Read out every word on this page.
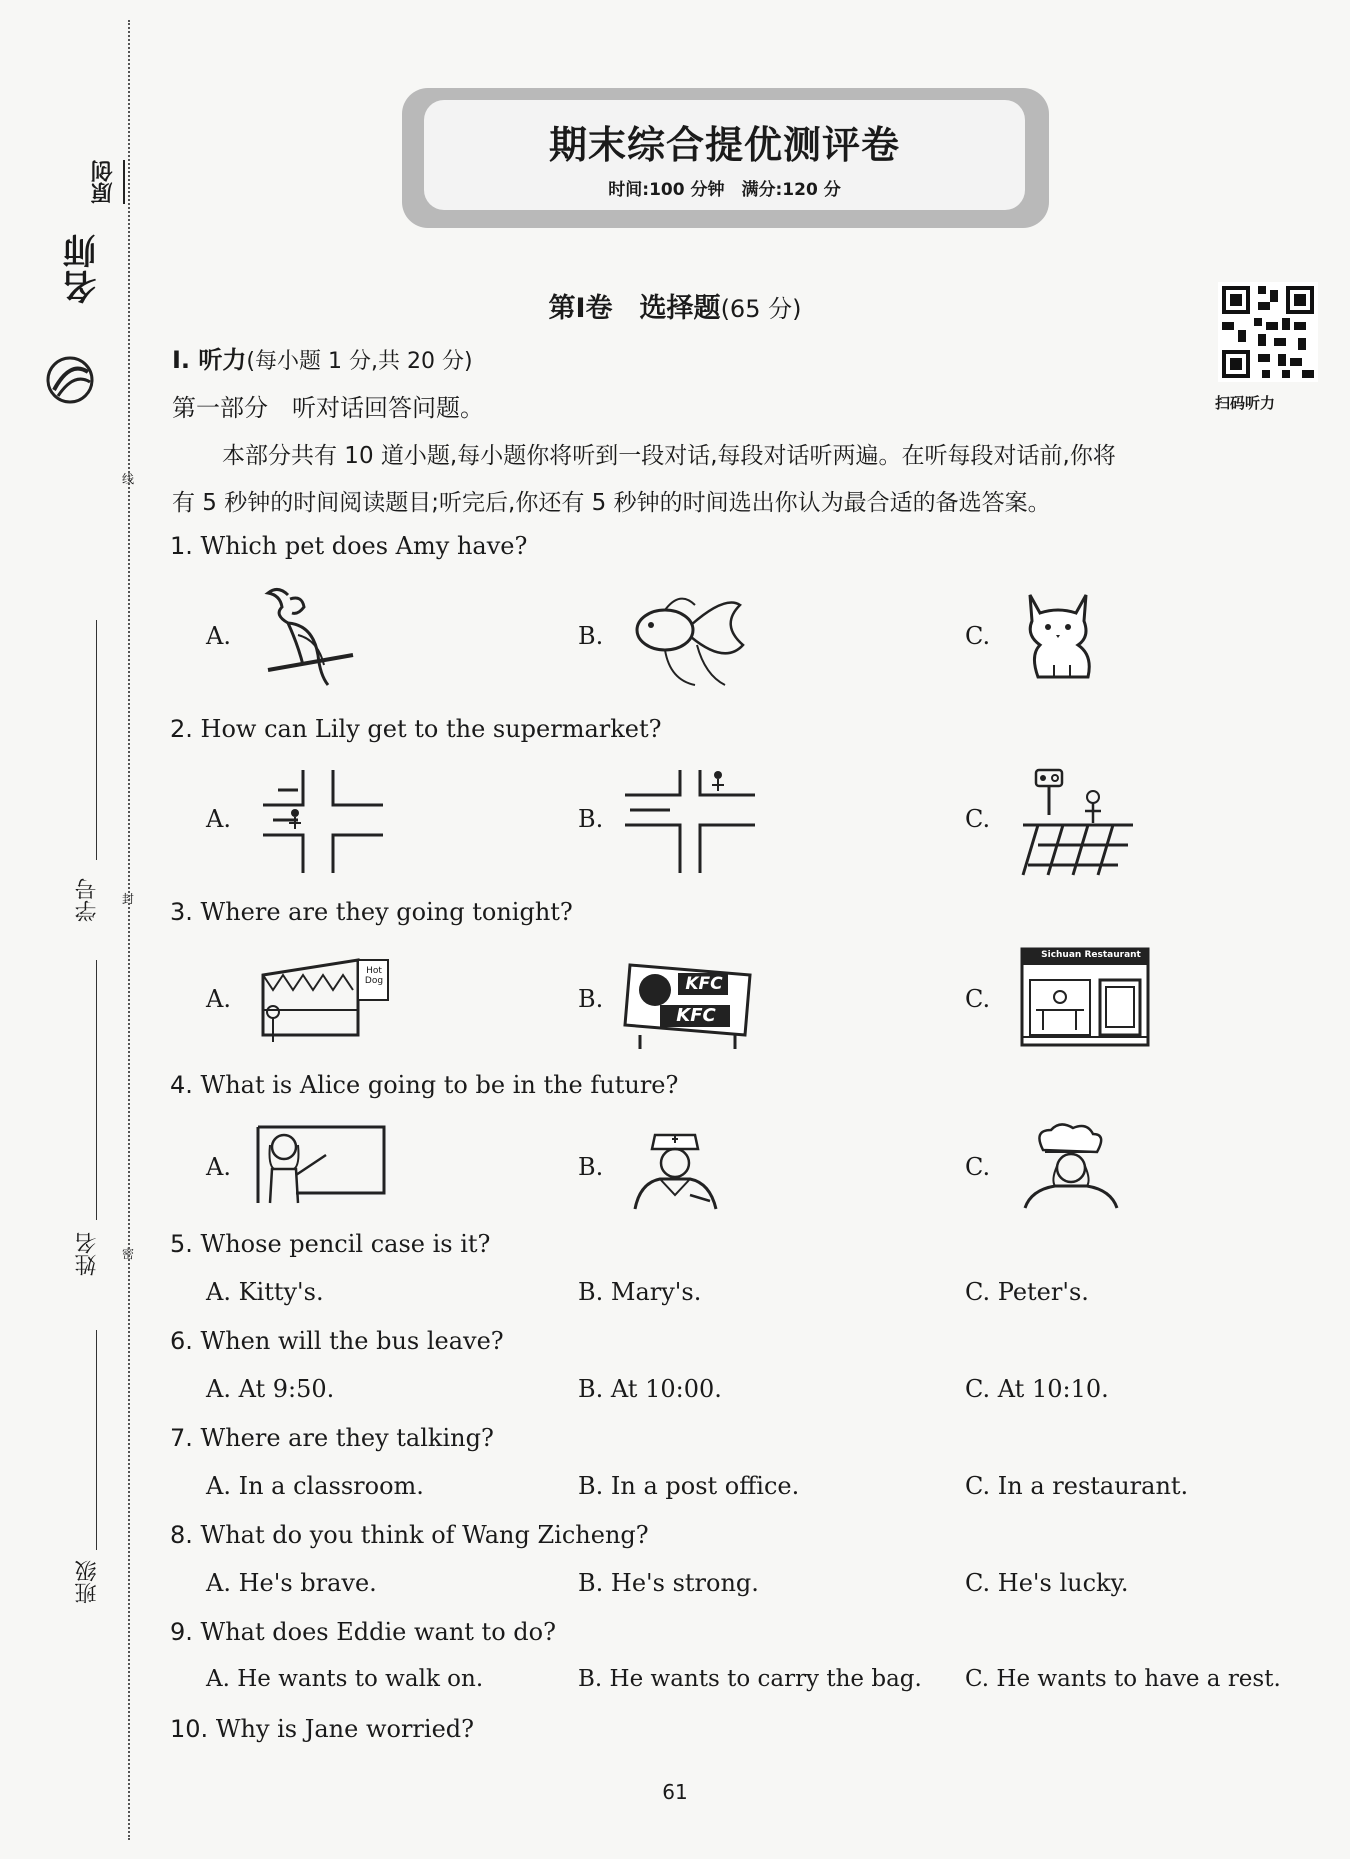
原创
名师
线
学号 封
姓名 密
班级
期末综合提优测评卷
时间:100 分钟　满分:120 分
第Ⅰ卷　选择题(65 分)
扫码听力
Ⅰ. 听力(每小题 1 分,共 20 分)
第一部分　听对话回答问题。
本部分共有 10 道小题,每小题你将听到一段对话,每段对话听两遍。在听每段对话前,你将
有 5 秒钟的时间阅读题目;听完后,你还有 5 秒钟的时间选出你认为最合适的备选答案。
1. Which pet does Amy have?
A.	B.	C.
2. How can Lily get to the supermarket?
A.	B.	C.
3. Where are they going tonight?
A.	B.	C.
Hot Dog	KFC
KFC
Sichuan Restaurant
4. What is Alice going to be in the future?
A.	B.	C.
5. Whose pencil case is it?
A. Kitty's.	B. Mary's.	C. Peter's.
6. When will the bus leave?
A. At 9:50.	B. At 10:00.	C. At 10:10.
7. Where are they talking?
A. In a classroom.	B. In a post office.	C. In a restaurant.
8. What do you think of Wang Zicheng?
A. He's brave.	B. He's strong.	C. He's lucky.
9. What does Eddie want to do?
A. He wants to walk on.	B. He wants to carry the bag. C. He wants to have a rest.
10. Why is Jane worried?
61
